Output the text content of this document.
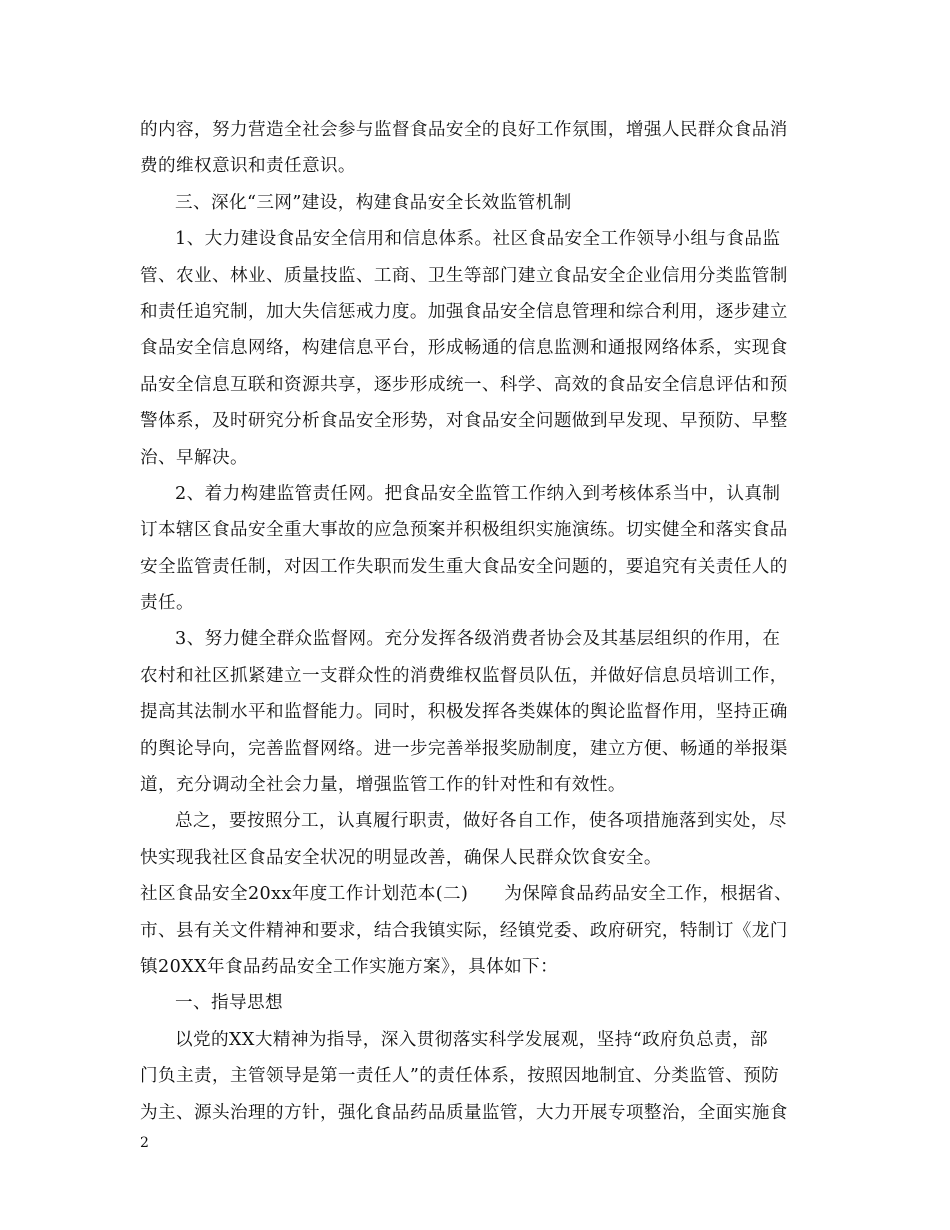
的内容，努力营造全社会参与监督食品安全的良好工作氛围，增强人民群众食品消
费的维权意识和责任意识。
三、深化“三网”建设，构建食品安全长效监管机制
1、大力建设食品安全信用和信息体系。社区食品安全工作领导小组与食品监
管、农业、林业、质量技监、工商、卫生等部门建立食品安全企业信用分类监管制
和责任追究制，加大失信惩戒力度。加强食品安全信息管理和综合利用，逐步建立
食品安全信息网络，构建信息平台，形成畅通的信息监测和通报网络体系，实现食
品安全信息互联和资源共享，逐步形成统一、科学、高效的食品安全信息评估和预
警体系，及时研究分析食品安全形势，对食品安全问题做到早发现、早预防、早整
治、早解决。
2、着力构建监管责任网。把食品安全监管工作纳入到考核体系当中，认真制
订本辖区食品安全重大事故的应急预案并积极组织实施演练。切实健全和落实食品
安全监管责任制，对因工作失职而发生重大食品安全问题的，要追究有关责任人的
责任。
3、努力健全群众监督网。充分发挥各级消费者协会及其基层组织的作用，在
农村和社区抓紧建立一支群众性的消费维权监督员队伍，并做好信息员培训工作，
提高其法制水平和监督能力。同时，积极发挥各类媒体的舆论监督作用，坚持正确
的舆论导向，完善监督网络。进一步完善举报奖励制度，建立方便、畅通的举报渠
道，充分调动全社会力量，增强监管工作的针对性和有效性。
总之，要按照分工，认真履行职责，做好各自工作，使各项措施落到实处，尽
快实现我社区食品安全状况的明显改善，确保人民群众饮食安全。
社区食品安全20xx年度工作计划范本(二)　　为保障食品药品安全工作，根据省、
市、县有关文件精神和要求，结合我镇实际，经镇党委、政府研究，特制订《龙门
镇20XX年食品药品安全工作实施方案》，具体如下：
一、指导思想
以党的XX大精神为指导，深入贯彻落实科学发展观，坚持“政府负总责，部
门负主责，主管领导是第一责任人”的责任体系，按照因地制宜、分类监管、预防
为主、源头治理的方针，强化食品药品质量监管，大力开展专项整治，全面实施食
2
